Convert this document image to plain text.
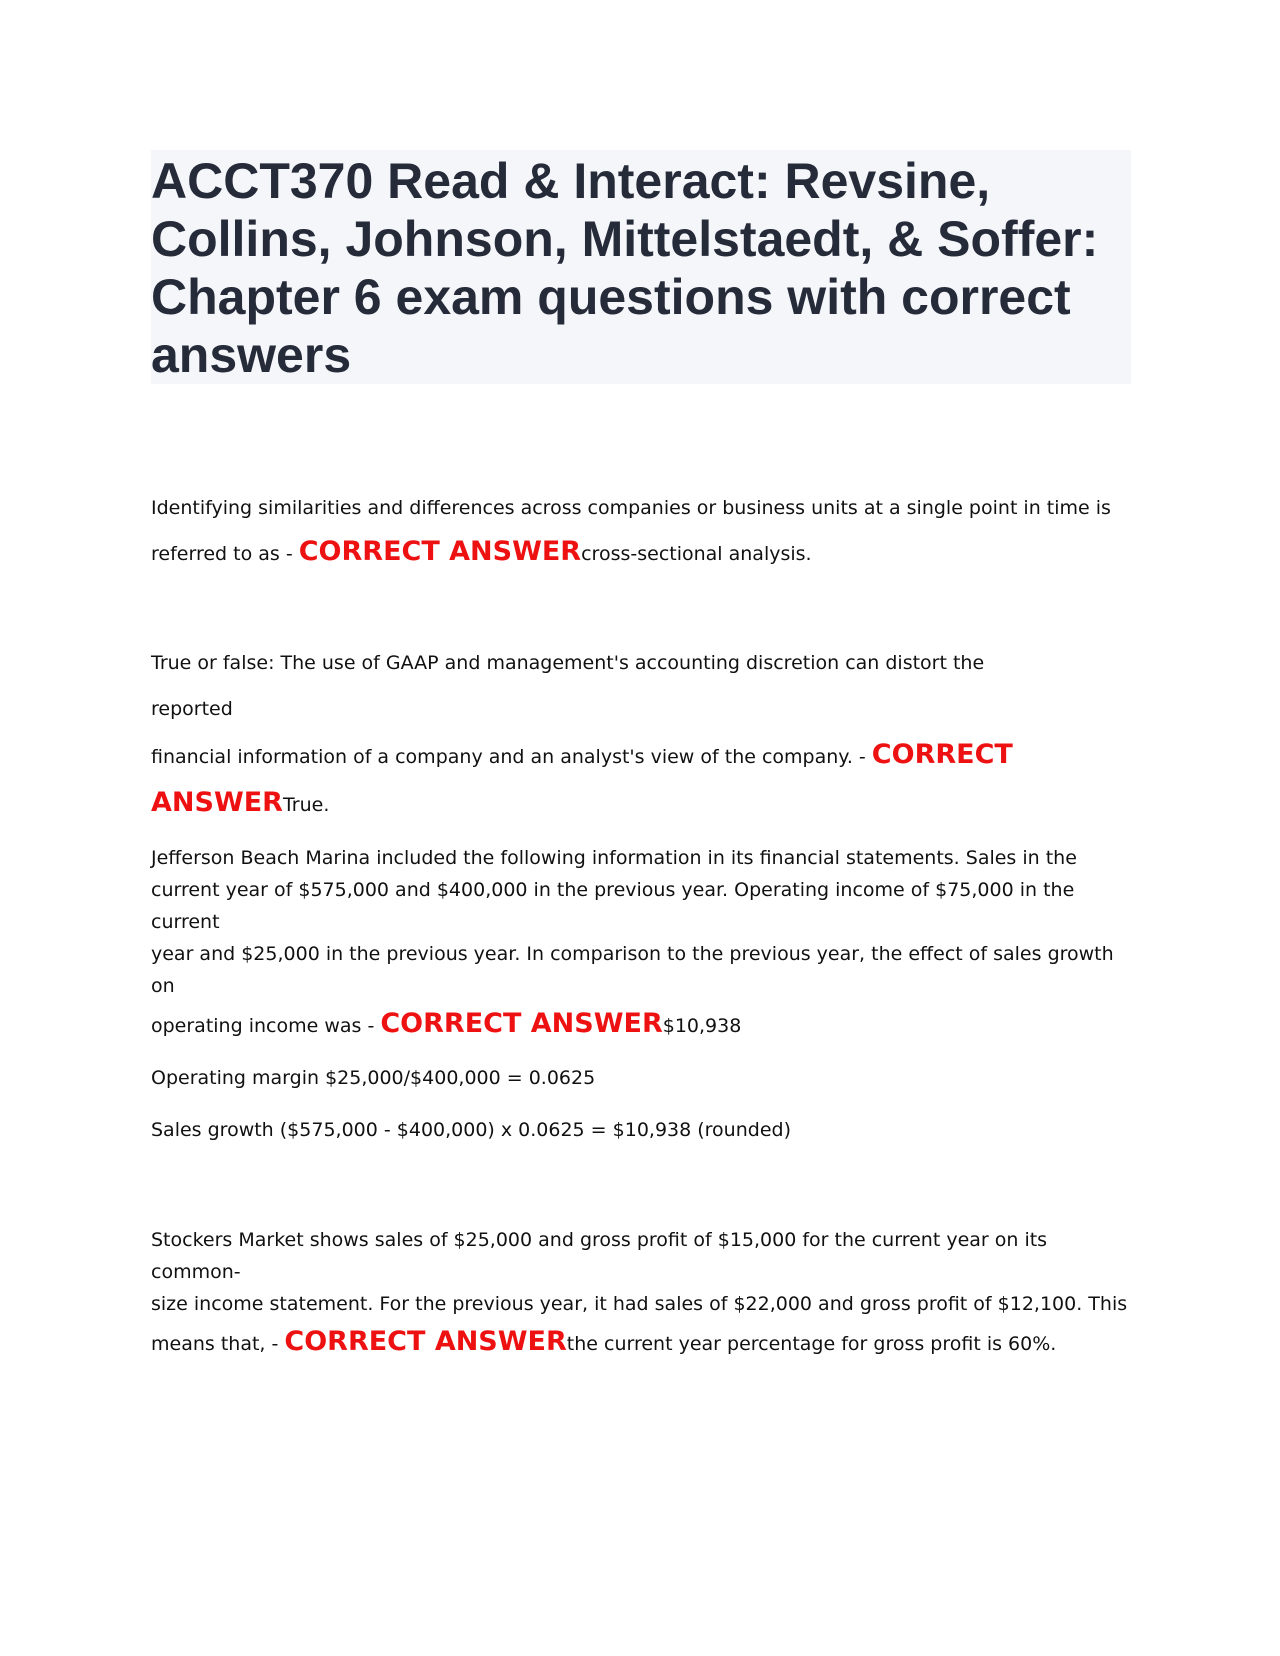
ACCT370 Read & Interact: Revsine, Collins, Johnson, Mittelstaedt, & Soffer: Chapter 6 exam questions with correct answers
Identifying similarities and differences across companies or business units at a single point in time is
referred to as - CORRECT ANSWERcross-sectional analysis.
True or false: The use of GAAP and management's accounting discretion can distort the reported
financial information of a company and an analyst's view of the company. - CORRECT ANSWERTrue.
Jefferson Beach Marina included the following information in its financial statements. Sales in the
current year of $575,000 and $400,000 in the previous year. Operating income of $75,000 in the current
year and $25,000 in the previous year. In comparison to the previous year, the effect of sales growth on
operating income was - CORRECT ANSWER$10,938
Operating margin $25,000/$400,000 = 0.0625
Sales growth ($575,000 - $400,000) x 0.0625 = $10,938 (rounded)
Stockers Market shows sales of $25,000 and gross profit of $15,000 for the current year on its common-
size income statement. For the previous year, it had sales of $22,000 and gross profit of $12,100. This
means that, - CORRECT ANSWERthe current year percentage for gross profit is 60%.
